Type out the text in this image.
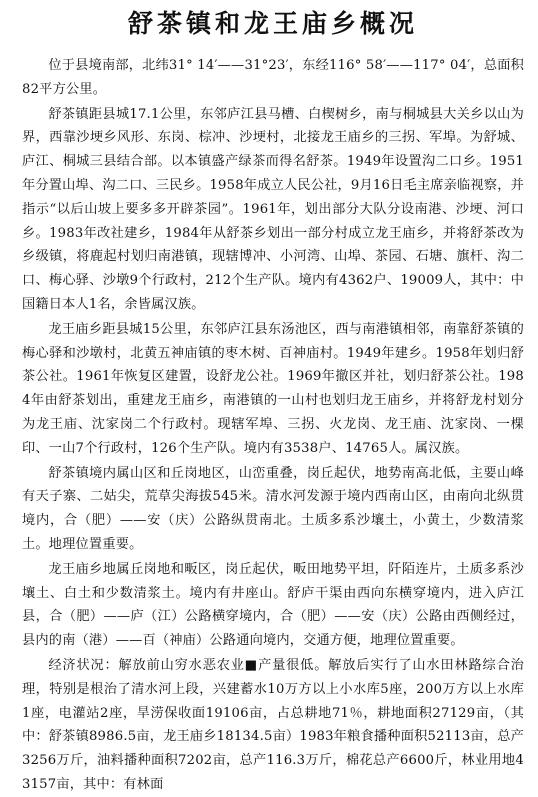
舒茶镇和龙王庙乡概况

位于县境南部，北纬31° 14′——31°23′，东经116° 58′——117° 04′，总面积82平方公里。

舒茶镇距县城17.1公里，东邻庐江县马槽、白楔树乡，南与桐城县大关乡以山为界，西靠沙埂乡风形、东岗、棕冲、沙埂村，北接龙王庙乡的三拐、军埠。为舒城、庐江、桐城三县结合部。以本镇盛产绿茶而得名舒茶。1949年设置沟二口乡。1951年分置山埠、沟二口、三民乡。1958年成立人民公社，9月16日毛主席亲临视察，并指示“以后山坡上要多多开辟茶园”。1961年，划出部分大队分设南港、沙埂、河口乡。1983年改社建乡，1984年从舒茶乡划出一部分村成立龙王庙乡，并将舒茶改为乡级镇，将鹿起村划归南港镇，现辖博冲、小河湾、山埠、茶园、石塘、旗杆、沟二口、梅心驿、沙墩9个行政村，212个生产队。境内有4362户、19009人，其中：中国籍日本人1名，余皆属汉族。

龙王庙乡距县城15公里，东邻庐江县东汤池区，西与南港镇相邻，南靠舒茶镇的梅心驿和沙墩村，北黄五神庙镇的枣木树、百神庙村。1949年建乡。1958年划归舒茶公社。1961年恢复区建置，设舒龙公社。1969年撤区并社，划归舒茶公社。1984年由舒茶划出，重建龙王庙乡，南港镇的一山村也划归龙王庙乡，并将舒龙村划分为龙王庙、沈家岗二个行政村。现辖军埠、三拐、火龙岗、龙王庙、沈家岗、一棵印、一山7个行政村，126个生产队。境内有3538户、14765人。属汉族。

舒茶镇境内属山区和丘岗地区，山峦重叠，岗丘起伏，地势南高北低，主要山峰有天子寨、二姑尖，荒草尖海拔545米。清水河发源于境内西南山区，由南向北纵贯境内，合（肥）——安（庆）公路纵贯南北。土质多系沙壤土，小黄土，少数清浆土。地理位置重要。

龙王庙乡地属丘岗地和畈区，岗丘起伏，畈田地势平坦，阡陌连片，土质多系沙壤土、白土和少数清浆土。境内有井座山。舒庐干渠由西向东横穿境内，进入庐江县，合（肥）——庐（江）公路横穿境内，合（肥）——安（庆）公路由西侧经过，县内的南（港）——百（神庙）公路通向境内，交通方便，地理位置重要。

经济状况：解放前山穷水恶农业■产量很低。解放后实行了山水田林路综合治理，特别是根治了清水河上段，兴建蓄水10万方以上小水库5座，200万方以上水库 1座，电灌站2座，旱涝保收面19106亩，占总耕地71％，耕地面积27129亩，（其中：舒茶镇8986.5亩，龙王庙乡18134.5亩）1983年粮食播种面积52113亩，总产3256万斤，油料播种面积7202亩，总产116.3万斤，棉花总产6600斤，林业用地43157亩，其中：有林面
